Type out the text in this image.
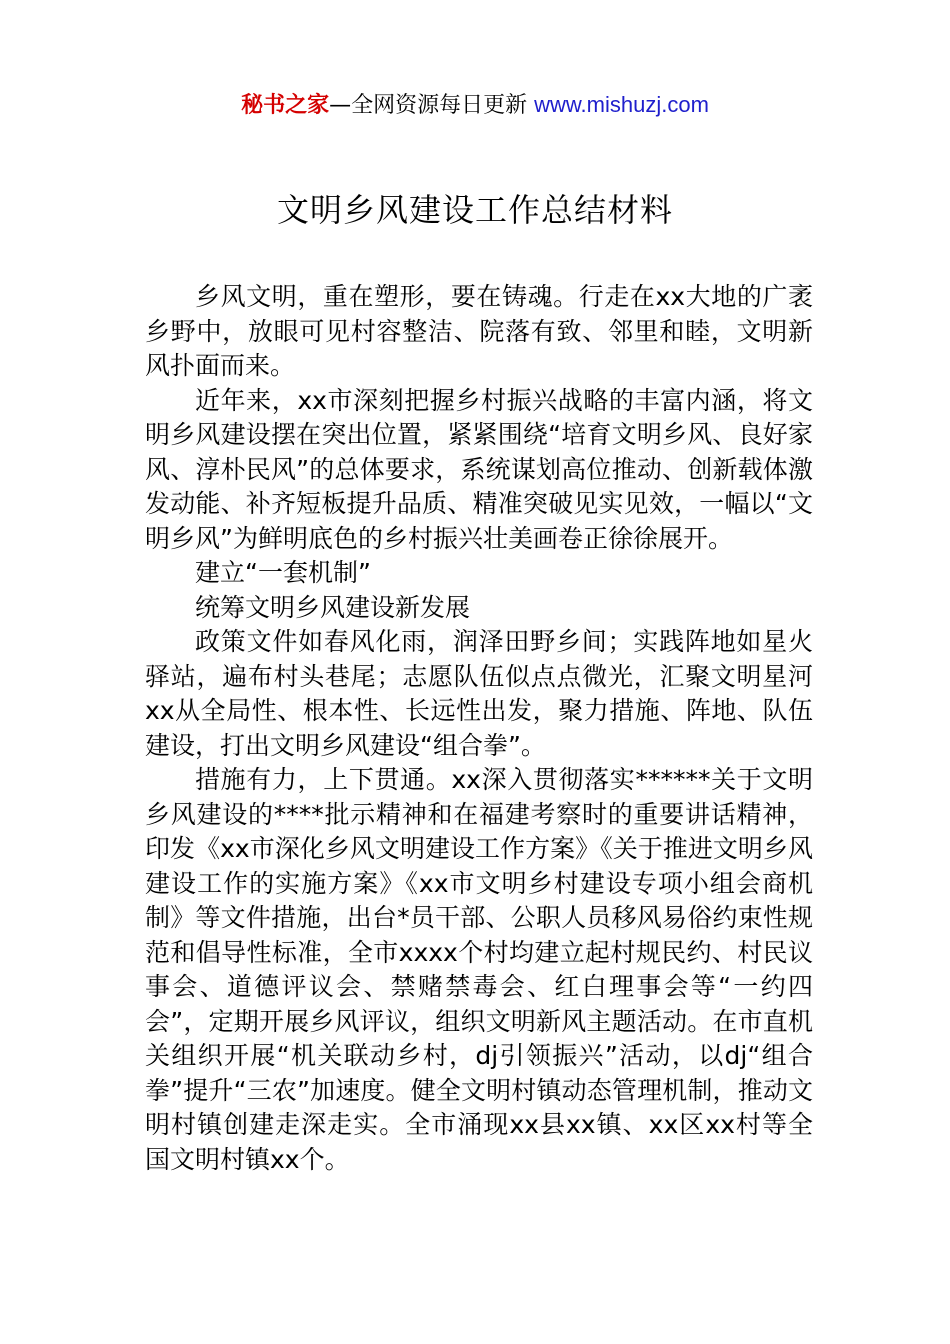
秘书之家—全网资源每日更新 www.mishuzj.com
文明乡风建设工作总结材料

乡风文明，重在塑形，要在铸魂。行走在xx大地的广袤乡野中，放眼可见村容整洁、院落有致、邻里和睦，文明新风扑面而来。

近年来，xx市深刻把握乡村振兴战略的丰富内涵，将文明乡风建设摆在突出位置，紧紧围绕“培育文明乡风、良好家风、淳朴民风”的总体要求，系统谋划高位推动、创新载体激发动能、补齐短板提升品质、精准突破见实见效，一幅以“文明乡风”为鲜明底色的乡村振兴壮美画卷正徐徐展开。

建立“一套机制”

统筹文明乡风建设新发展

政策文件如春风化雨，润泽田野乡间；实践阵地如星火驿站，遍布村头巷尾；志愿队伍似点点微光，汇聚文明星河xx从全局性、根本性、长远性出发，聚力措施、阵地、队伍建设，打出文明乡风建设“组合拳”。

措施有力，上下贯通。xx深入贯彻落实******关于文明乡风建设的****批示精神和在福建考察时的重要讲话精神，印发《xx市深化乡风文明建设工作方案》《关于推进文明乡风建设工作的实施方案》《xx市文明乡村建设专项小组会商机制》等文件措施，出台*员干部、公职人员移风易俗约束性规范和倡导性标准，全市xxxx个村均建立起村规民约、村民议事会、道德评议会、禁赌禁毒会、红白理事会等“一约四会”，定期开展乡风评议，组织文明新风主题活动。在市直机关组织开展“机关联动乡村，dj引领振兴”活动，以dj“组合拳”提升“三农”加速度。健全文明村镇动态管理机制，推动文明村镇创建走深走实。全市涌现xx县xx镇、xx区xx村等全国文明村镇xx个。
